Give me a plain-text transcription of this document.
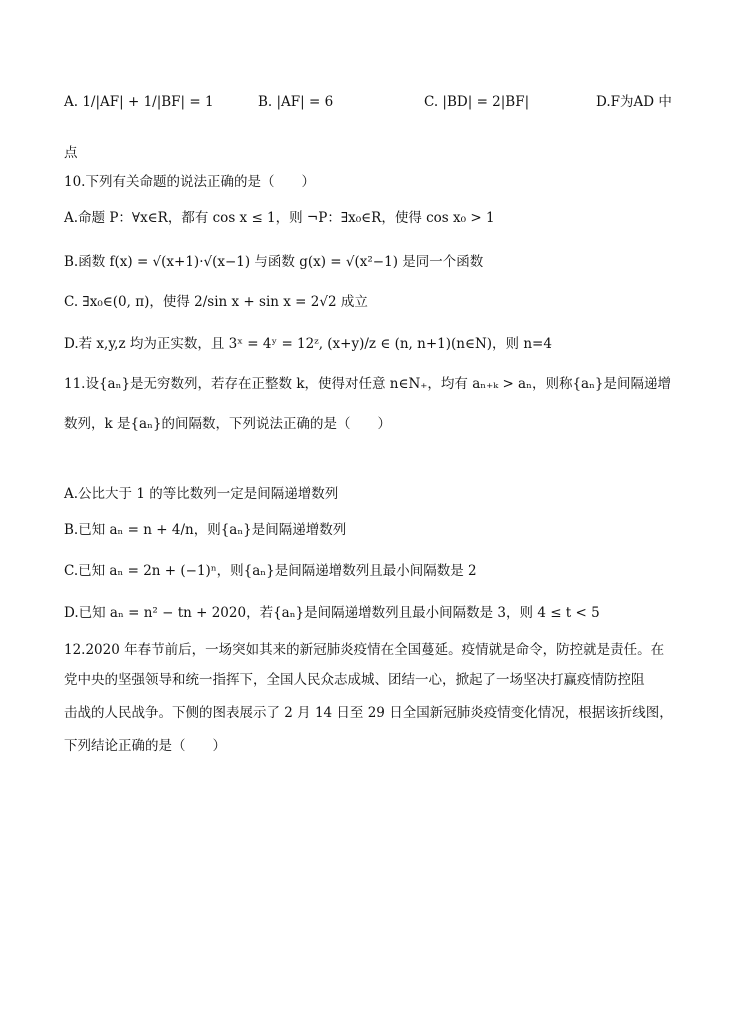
A. 1/|AF| + 1/|BF| = 1	B. |AF| = 6	C. |BD| = 2|BF|	D.F为AD 中
点
10.下列有关命题的说法正确的是（　　）
A.命题 P：∀x∈R，都有 cos x ≤ 1，则 ¬P：∃x₀∈R，使得 cos x₀ > 1
B.函数 f(x) = √(x+1)·√(x−1) 与函数 g(x) = √(x²−1) 是同一个函数
C. ∃x₀∈(0, π)，使得 2/sin x + sin x = 2√2 成立
D.若 x,y,z 均为正实数，且 3ˣ = 4ʸ = 12ᶻ, (x+y)/z ∈ (n, n+1)(n∈N)，则 n=4
11.设{aₙ}是无穷数列，若存在正整数 k，使得对任意 n∈N₊，均有 aₙ₊ₖ > aₙ，则称{aₙ}是间隔递增
数列，k 是{aₙ}的间隔数，下列说法正确的是（　　）
A.公比大于 1 的等比数列一定是间隔递增数列
B.已知 aₙ = n + 4/n，则{aₙ}是间隔递增数列
C.已知 aₙ = 2n + (−1)ⁿ，则{aₙ}是间隔递增数列且最小间隔数是 2
D.已知 aₙ = n² − tn + 2020，若{aₙ}是间隔递增数列且最小间隔数是 3，则 4 ≤ t < 5
12.2020 年春节前后，一场突如其来的新冠肺炎疫情在全国蔓延。疫情就是命令，防控就是责任。在
党中央的坚强领导和统一指挥下，全国人民众志成城、团结一心，掀起了一场坚决打赢疫情防控阻
击战的人民战争。下侧的图表展示了 2 月 14 日至 29 日全国新冠肺炎疫情变化情况，根据该折线图，
下列结论正确的是（　　）
